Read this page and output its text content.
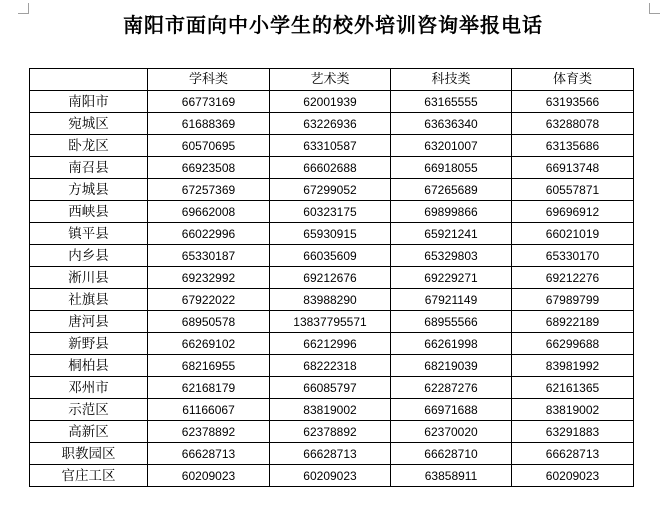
南阳市面向中小学生的校外培训咨询举报电话
	学科类	艺术类	科技类	体育类
南阳市	66773169	62001939	63165555	63193566
宛城区	61688369	63226936	63636340	63288078
卧龙区	60570695	63310587	63201007	63135686
南召县	66923508	66602688	66918055	66913748
方城县	67257369	67299052	67265689	60557871
西峡县	69662008	60323175	69899866	69696912
镇平县	66022996	65930915	65921241	66021019
内乡县	65330187	66035609	65329803	65330170
淅川县	69232992	69212676	69229271	69212276
社旗县	67922022	83988290	67921149	67989799
唐河县	68950578	13837795571	68955566	68922189
新野县	66269102	66212996	66261998	66299688
桐柏县	68216955	68222318	68219039	83981992
邓州市	62168179	66085797	62287276	62161365
示范区	61166067	83819002	66971688	83819002
高新区	62378892	62378892	62370020	63291883
职教园区	66628713	66628713	66628710	66628713
官庄工区	60209023	60209023	63858911	60209023
